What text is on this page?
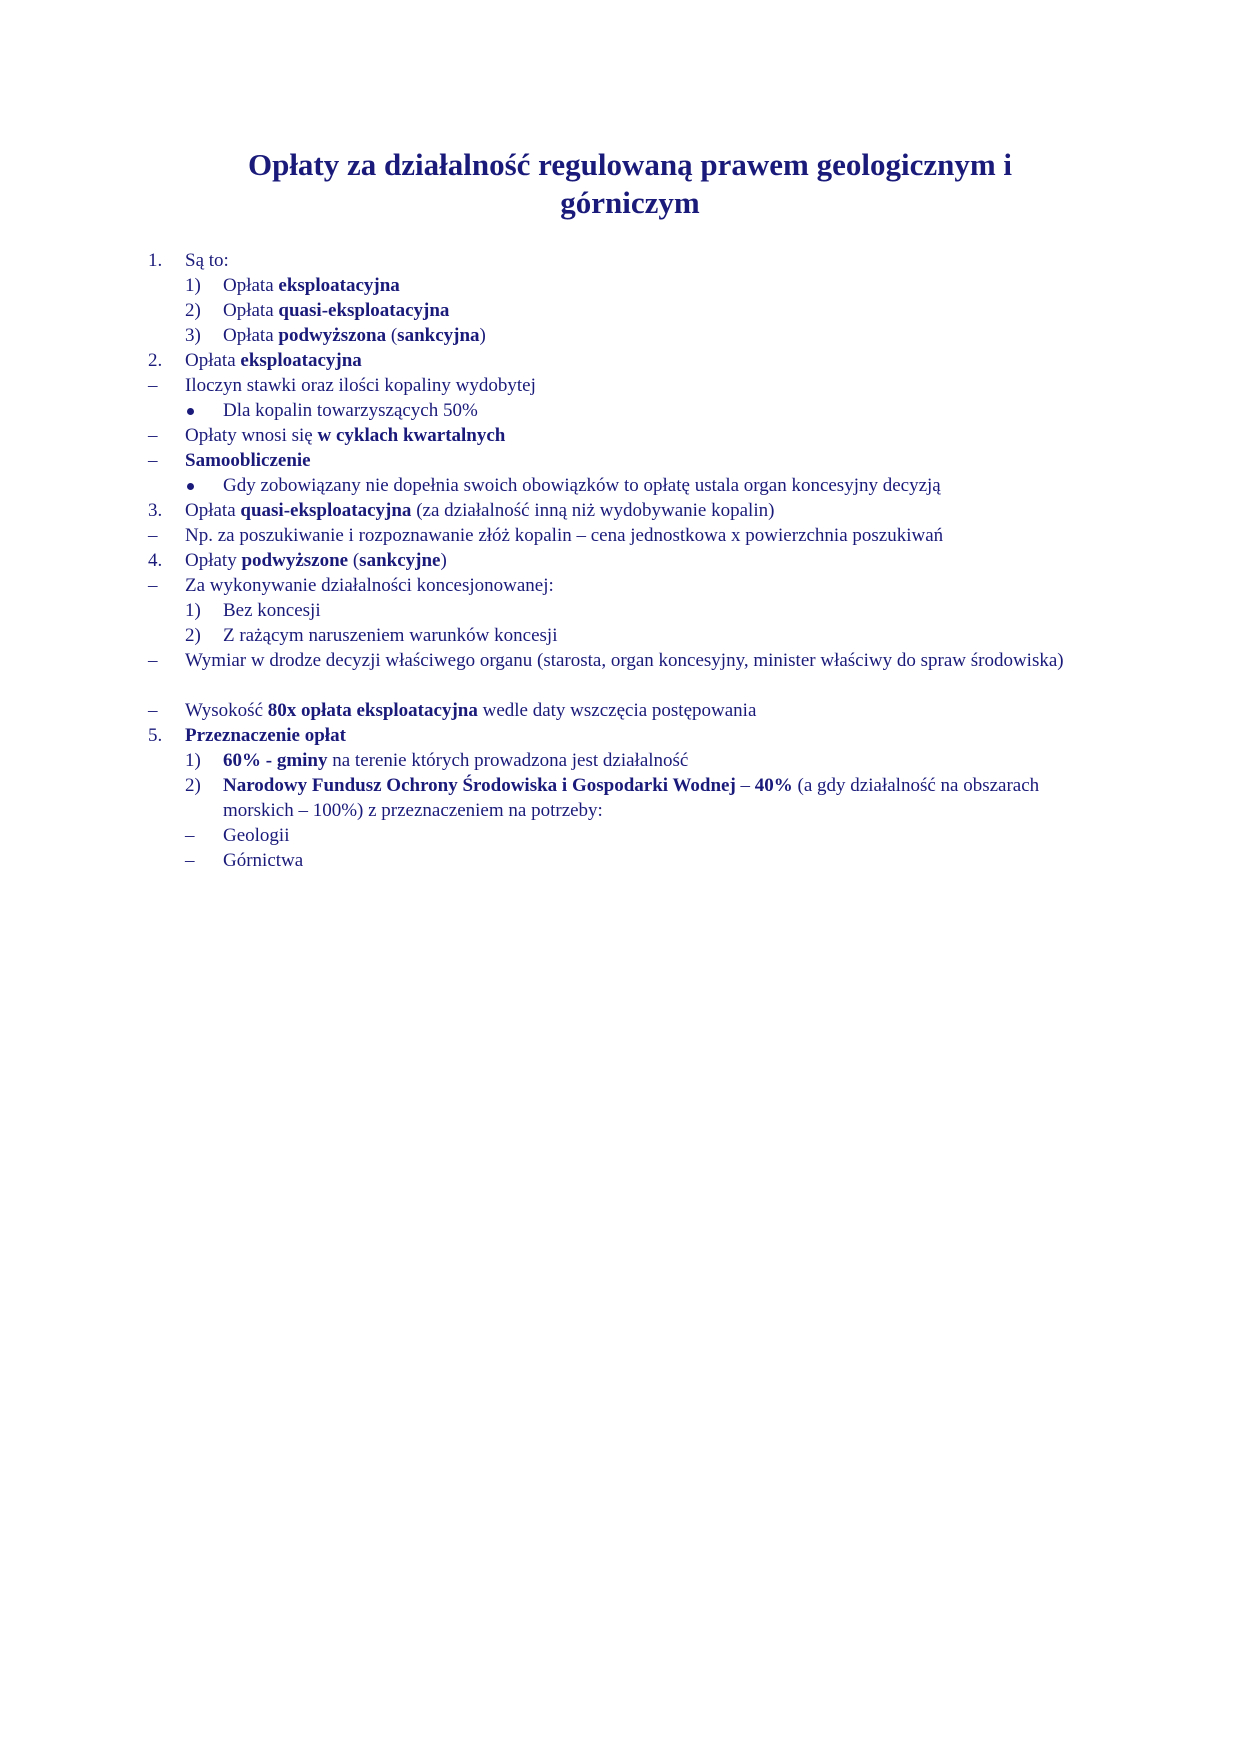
Opłaty za działalność regulowaną prawem geologicznym i
górniczym
1. Są to:
1) Opłata eksploatacyjna
2) Opłata quasi-eksploatacyjna
3) Opłata podwyższona (sankcyjna)
2. Opłata eksploatacyjna
– Iloczyn stawki oraz ilości kopaliny wydobytej
Dla kopalin towarzyszących 50%
– Opłaty wnosi się w cyklach kwartalnych
– Samoobliczenie
Gdy zobowiązany nie dopełnia swoich obowiązków to opłatę ustala organ koncesyjny decyzją
3. Opłata quasi-eksploatacyjna (za działalność inną niż wydobywanie kopalin)
– Np. za poszukiwanie i rozpoznawanie złóż kopalin – cena jednostkowa x powierzchnia poszukiwań
4. Opłaty podwyższone (sankcyjne)
– Za wykonywanie działalności koncesjonowanej:
1) Bez koncesji
2) Z rażącym naruszeniem warunków koncesji
– Wymiar w drodze decyzji właściwego organu (starosta, organ koncesyjny, minister właściwy do spraw środowiska)
– Wysokość 80x opłata eksploatacyjna wedle daty wszczęcia postępowania
5. Przeznaczenie opłat
1) 60% - gminy na terenie których prowadzona jest działalność
2) Narodowy Fundusz Ochrony Środowiska i Gospodarki Wodnej – 40% (a gdy działalność na obszarach morskich – 100%) z przeznaczeniem na potrzeby:
– Geologii
– Górnictwa
